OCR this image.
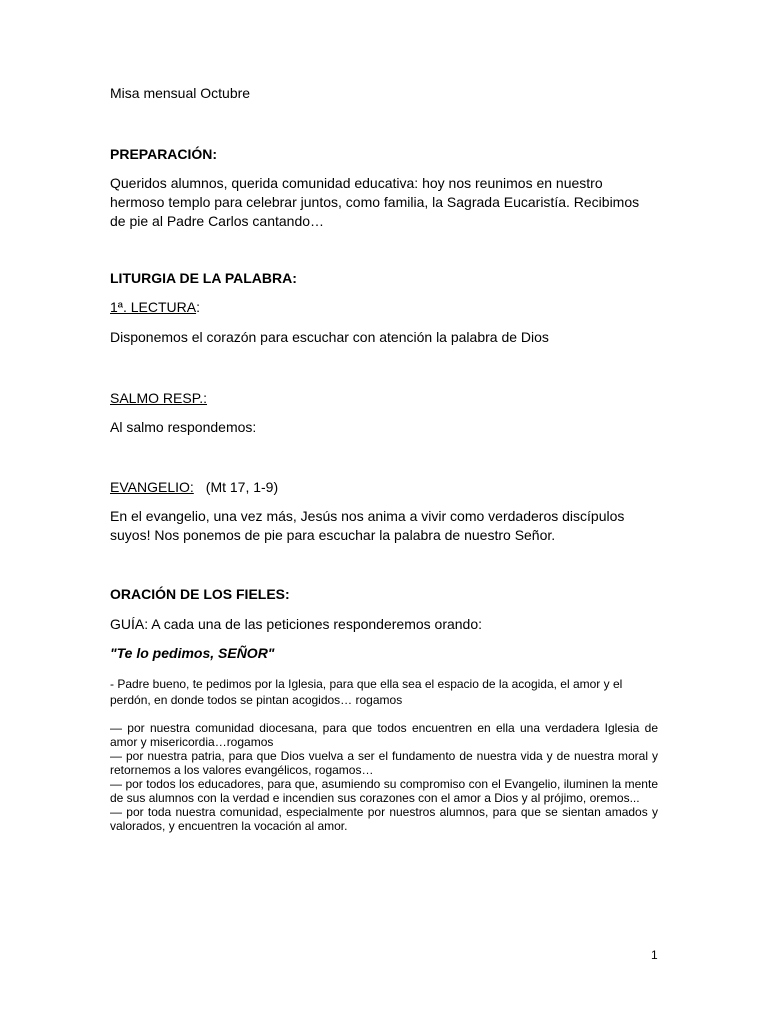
Misa mensual Octubre
PREPARACIÓN:
Queridos alumnos, querida comunidad educativa: hoy nos reunimos en nuestro hermoso templo para celebrar juntos, como familia, la Sagrada Eucaristía. Recibimos de pie al Padre Carlos cantando…
LITURGIA DE LA PALABRA:
1ª. LECTURA:
Disponemos el corazón para escuchar con atención la palabra de Dios
SALMO RESP.:
Al salmo respondemos:
EVANGELIO: (Mt 17, 1-9)
En el evangelio, una vez más, Jesús nos anima a vivir como verdaderos discípulos suyos! Nos ponemos de pie para escuchar la palabra de nuestro Señor.
ORACIÓN DE LOS FIELES:
GUÍA: A cada una de las peticiones responderemos orando:
"Te lo pedimos, SEÑOR"
- Padre bueno, te pedimos por la Iglesia, para que ella sea el espacio de la acogida, el amor y el perdón, en donde todos se pintan acogidos… rogamos
— por nuestra comunidad diocesana, para que todos encuentren en ella una verdadera Iglesia de amor y misericordia…rogamos
— por nuestra patria, para que Dios vuelva a ser el fundamento de nuestra vida y de nuestra moral y retornemos a los valores evangélicos, rogamos…
— por todos los educadores, para que, asumiendo su compromiso con el Evangelio, iluminen la mente de sus alumnos con la verdad e incendien sus corazones con el amor a Dios y al prójimo, oremos...
— por toda nuestra comunidad, especialmente por nuestros alumnos, para que se sientan amados y valorados, y encuentren la vocación al amor.
1
